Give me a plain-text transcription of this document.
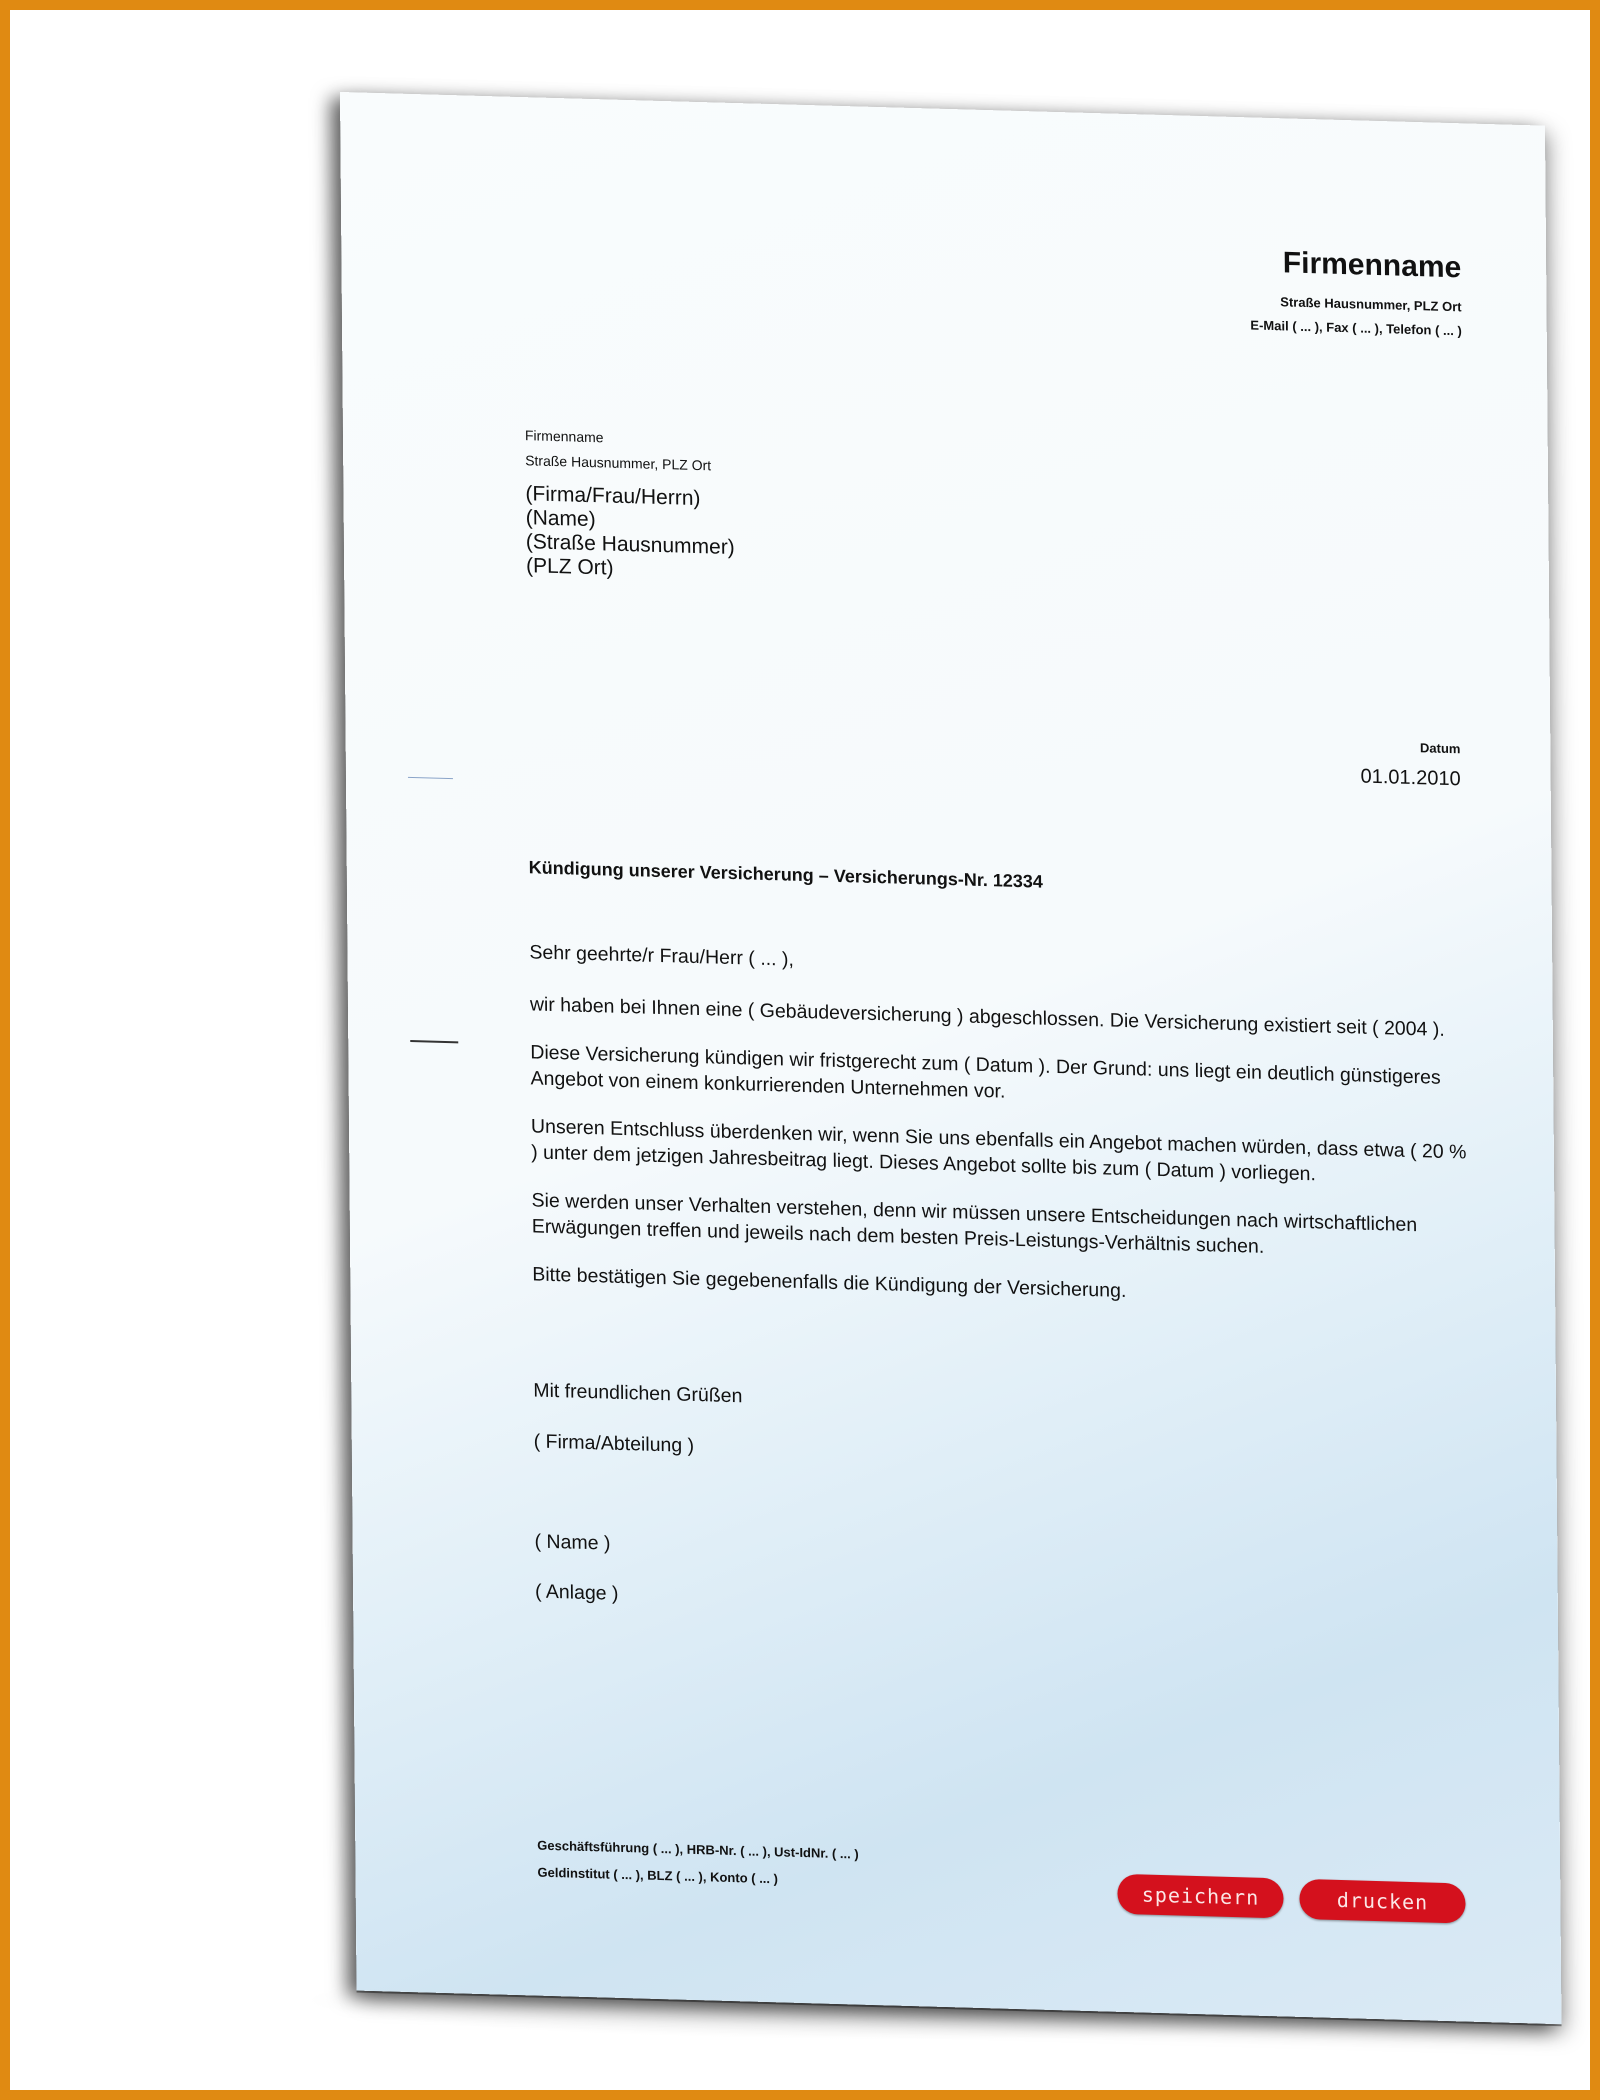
Firmenname
Straße Hausnummer, PLZ Ort
E-Mail ( ... ), Fax ( ... ), Telefon ( ... )
Firmenname
Straße Hausnummer, PLZ Ort
(Firma/Frau/Herrn)
(Name)
(Straße Hausnummer)
(PLZ Ort)
Datum
01.01.2010
Kündigung unserer Versicherung – Versicherungs-Nr. 12334

Sehr geehrte/r Frau/Herr ( ... ),

wir haben bei Ihnen eine ( Gebäudeversicherung ) abgeschlossen. Die Versicherung existiert seit ( 2004 ).

Diese Versicherung kündigen wir fristgerecht zum ( Datum ). Der Grund: uns liegt ein deutlich günstigeres Angebot von einem konkurrierenden Unternehmen vor.

Unseren Entschluss überdenken wir, wenn Sie uns ebenfalls ein Angebot machen würden, dass etwa ( 20 % ) unter dem jetzigen Jahresbeitrag liegt. Dieses Angebot sollte bis zum ( Datum ) vorliegen.

Sie werden unser Verhalten verstehen, denn wir müssen unsere Entscheidungen nach wirtschaftlichen Erwägungen treffen und jeweils nach dem besten Preis-Leistungs-Verhältnis suchen.

Bitte bestätigen Sie gegebenenfalls die Kündigung der Versicherung.

Mit freundlichen Grüßen
( Firma/Abteilung )
( Name )
( Anlage )
Geschäftsführung ( ... ), HRB-Nr. ( ... ), Ust-IdNr. ( ... )
Geldinstitut ( ... ), BLZ ( ... ), Konto ( ... )
speichern	drucken
